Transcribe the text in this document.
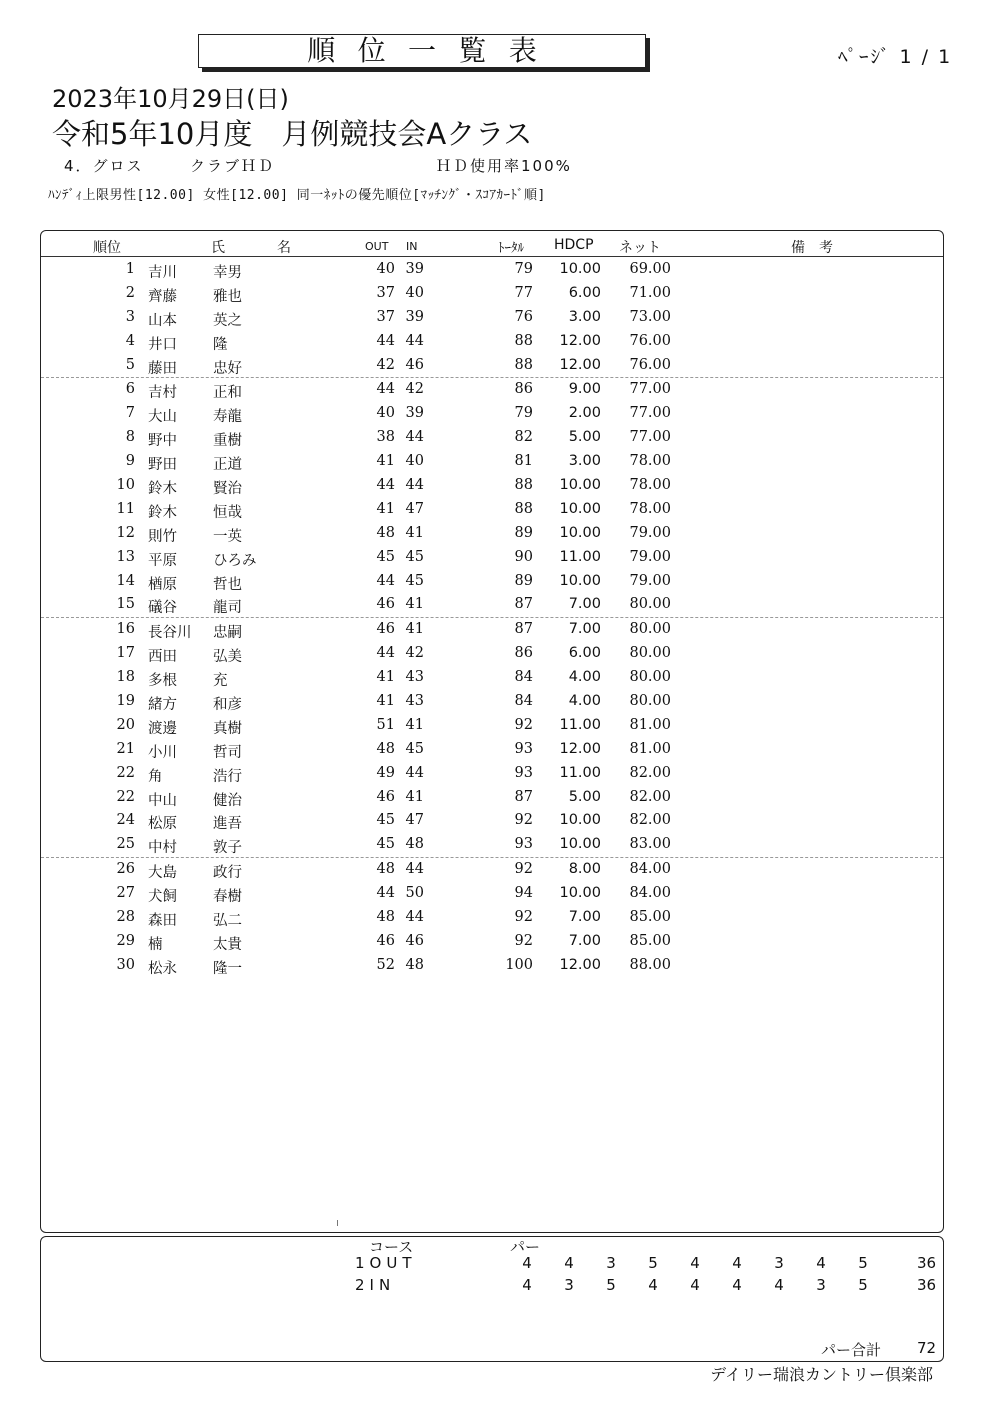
順位一覧表	ﾍﾟｰｼﾞ 1 / 1
2023年10月29日(日)
令和5年10月度　月例競技会Aクラス
4．グロス	クラブＨＤ	ＨＤ使用率100%
ﾊﾝﾃﾞｨ上限男性[12.00] 女性[12.00] 同一ﾈｯﾄの優先順位[ﾏｯﾁﾝｸﾞ・ｽｺｱｶｰﾄﾞ順]
順位	氏	名	OUT IN	ﾄｰﾀﾙ HDCP ネット	備　考
1 吉川 幸男	40 39	79	10.00	69.00
2 齊藤 雅也	37 40	77	6.00	71.00
3 山本 英之	37 39	76	3.00	73.00
4 井口 隆	44 44	88	12.00	76.00
5 藤田 忠好	42 46	88	12.00	76.00
6 吉村 正和	44 42	86	9.00	77.00
7 大山 寿龍	40 39	79	2.00	77.00
8 野中 重樹	38 44	82	5.00	77.00
9 野田 正道	41 40	81	3.00	78.00
10 鈴木 賢治	44 44	88	10.00	78.00
11 鈴木 恒哉	41 47	88	10.00	78.00
12 則竹 一英	48 41	89	10.00	79.00
13 平原 ひろみ	45 45	90	11.00	79.00
14 楢原 哲也	44 45	89	10.00	79.00
15 礒谷 龍司	46 41	87	7.00	80.00
16 長谷川 忠嗣	46 41	87	7.00	80.00
17 西田 弘美	44 42	86	6.00	80.00
18 多根 充	41 43	84	4.00	80.00
19 緒方 和彦	41 43	84	4.00	80.00
20 渡邊 真樹	51 41	92	11.00	81.00
21 小川 哲司	48 45	93	12.00	81.00
22 角	浩行	49 44	93	11.00	82.00
22 中山 健治	46 41	87	5.00	82.00
24 松原 進吾	45 47	92	10.00	82.00
25 中村 敦子	45 48	93	10.00	83.00
26 大島 政行	48 44	92	8.00	84.00
27 犬飼 春樹	44 50	94	10.00	84.00
28 森田 弘二	48 44	92	7.00	85.00
29 楠	太貴	46 46	92	7.00	85.00
30 松永 隆一	52 48	100	12.00	88.00
コース	パー
1OUT	4	4	3	5	4	4	3	4	5	36
2IN	4	3	5	4	4	4	4	3	5	36
パー合計 72
デイリー瑞浪カントリー倶楽部
